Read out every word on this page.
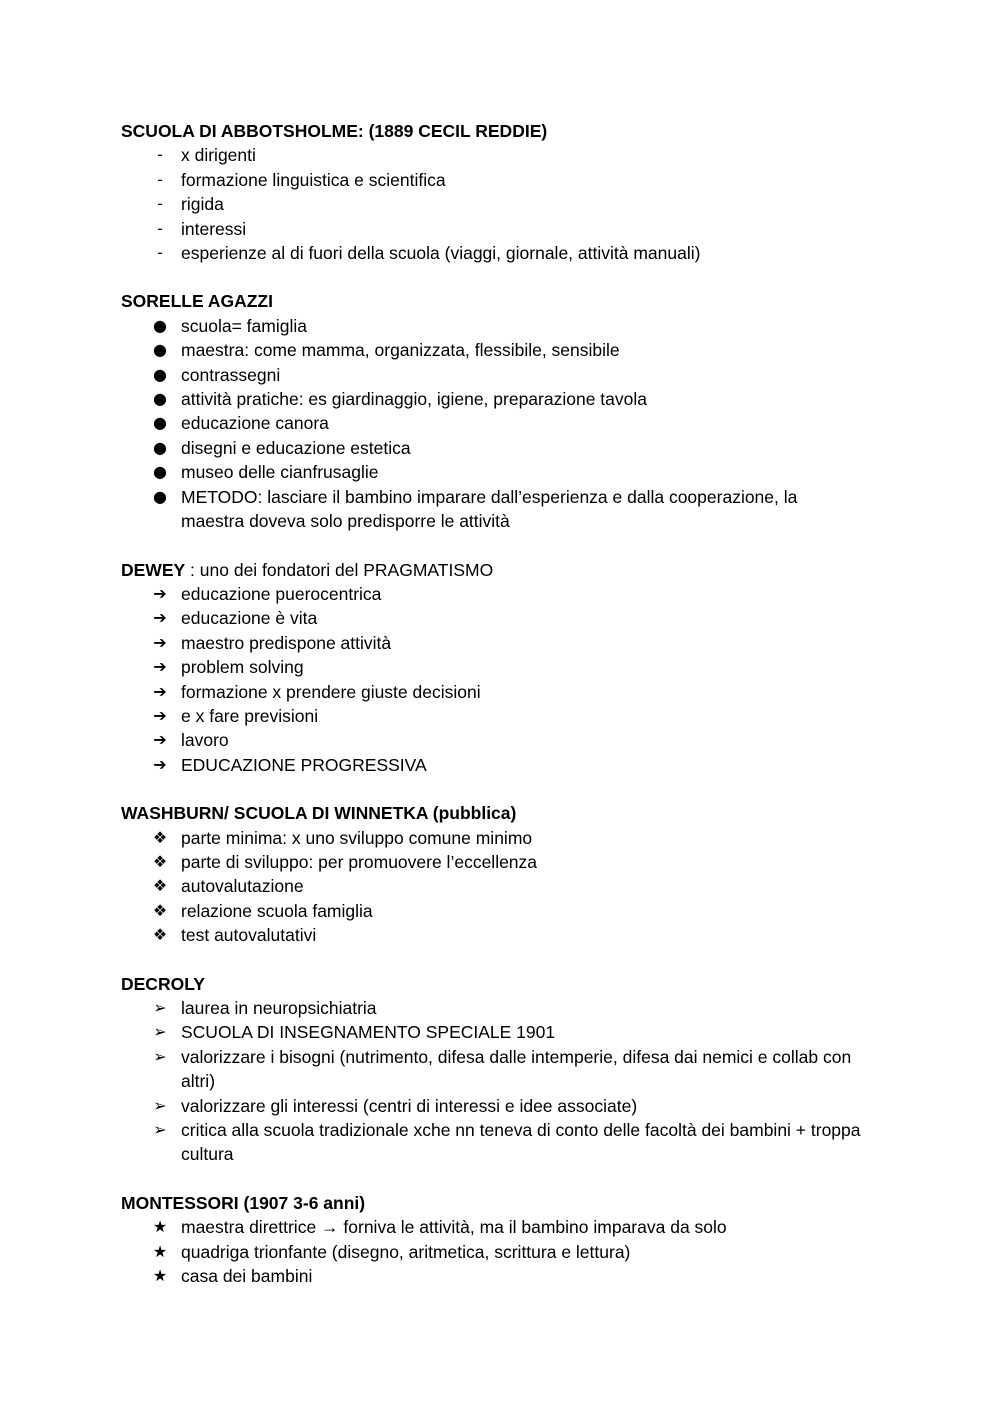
SCUOLA DI ABBOTSHOLME: (1889 CECIL REDDIE)

-	x dirigenti
-	formazione linguistica e scientifica
-	rigida
-	interessi
-	esperienze al di fuori della scuola (viaggi, giornale, attività manuali)

SORELLE AGAZZI

● scuola= famiglia
● maestra: come mamma, organizzata, flessibile, sensibile
● contrassegni
● attività pratiche: es giardinaggio, igiene, preparazione tavola
● educazione canora
● disegni e educazione estetica
● museo delle cianfrusaglie
● METODO: lasciare il bambino imparare dall’esperienza e dalla cooperazione, la maestra doveva solo predisporre le attività

DEWEY : uno dei fondatori del PRAGMATISMO

➔ educazione puerocentrica
➔ educazione è vita
➔ maestro predispone attività
➔ problem solving
➔ formazione x prendere giuste decisioni
➔ e x fare previsioni
➔ lavoro
➔ EDUCAZIONE PROGRESSIVA

WASHBURN/ SCUOLA DI WINNETKA (pubblica)

❖ parte minima: x uno sviluppo comune minimo
❖ parte di sviluppo: per promuovere l’eccellenza
❖ autovalutazione
❖ relazione scuola famiglia
❖ test autovalutativi

DECROLY

➢ laurea in neuropsichiatria
➢ SCUOLA DI INSEGNAMENTO SPECIALE 1901
➢ valorizzare i bisogni (nutrimento, difesa dalle intemperie, difesa dai nemici e collab con altri)
➢ valorizzare gli interessi (centri di interessi e idee associate)
➢ critica alla scuola tradizionale xche nn teneva di conto delle facoltà dei bambini + troppa cultura

MONTESSORI (1907 3-6 anni)

★ maestra direttrice → forniva le attività, ma il bambino imparava da solo
★ quadriga trionfante (disegno, aritmetica, scrittura e lettura)
★ casa dei bambini
